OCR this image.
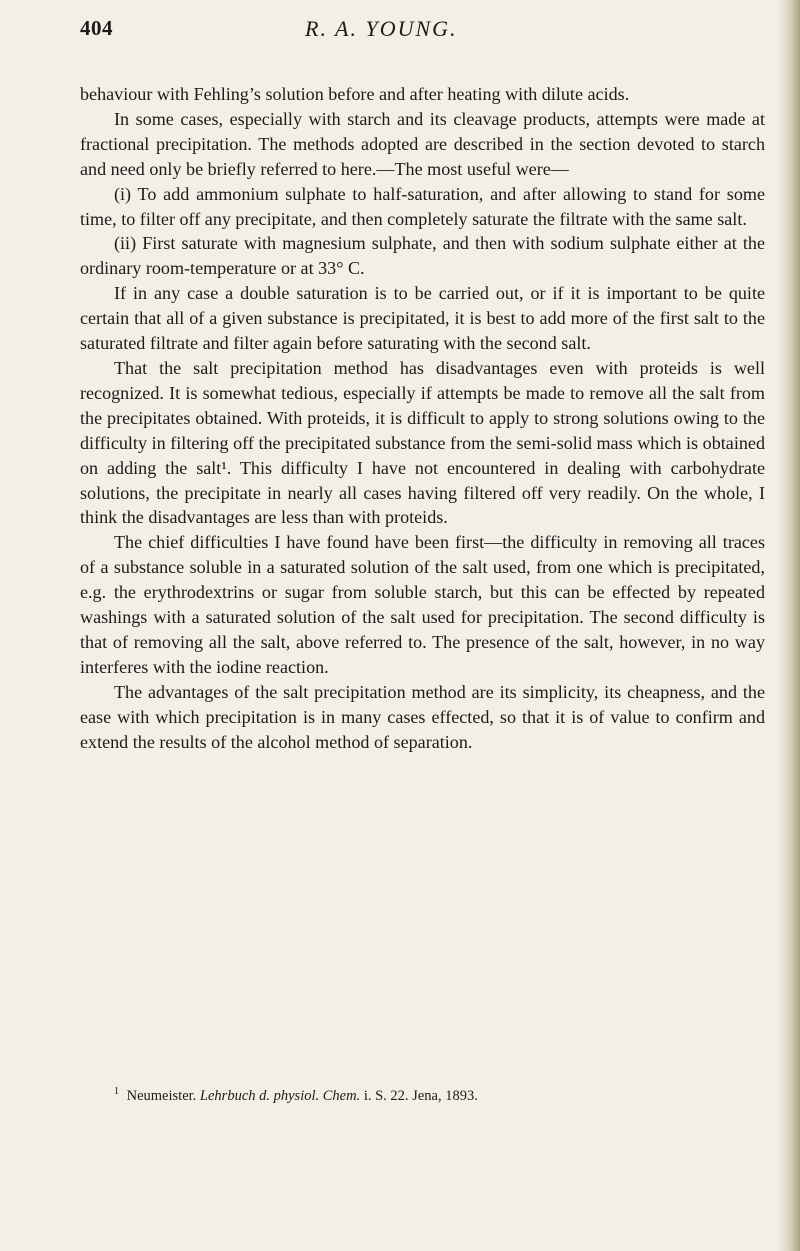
404	R. A. YOUNG.

behaviour with Fehling’s solution before and after heating with dilute acids.

In some cases, especially with starch and its cleavage products, attempts were made at fractional precipitation. The methods adopted are described in the section devoted to starch and need only be briefly referred to here.—The most useful were—

(i) To add ammonium sulphate to half-saturation, and after allowing to stand for some time, to filter off any precipitate, and then completely saturate the filtrate with the same salt.

(ii) First saturate with magnesium sulphate, and then with sodium sulphate either at the ordinary room-temperature or at 33° C.

If in any case a double saturation is to be carried out, or if it is important to be quite certain that all of a given substance is precipitated, it is best to add more of the first salt to the saturated filtrate and filter again before saturating with the second salt.

That the salt precipitation method has disadvantages even with proteids is well recognized. It is somewhat tedious, especially if attempts be made to remove all the salt from the precipitates obtained. With proteids, it is difficult to apply to strong solutions owing to the difficulty in filtering off the precipitated substance from the semi-solid mass which is obtained on adding the salt¹. This difficulty I have not encountered in dealing with carbohydrate solutions, the precipitate in nearly all cases having filtered off very readily. On the whole, I think the disadvantages are less than with proteids.

The chief difficulties I have found have been first—the difficulty in removing all traces of a substance soluble in a saturated solution of the salt used, from one which is precipitated, e.g. the erythrodextrins or sugar from soluble starch, but this can be effected by repeated washings with a saturated solution of the salt used for precipitation. The second difficulty is that of removing all the salt, above referred to. The presence of the salt, however, in no way interferes with the iodine reaction.

The advantages of the salt precipitation method are its simplicity, its cheapness, and the ease with which precipitation is in many cases effected, so that it is of value to confirm and extend the results of the alcohol method of separation.

$^1$ Neumeister. Lehrbuch d. physiol. Chem. i. S. 22. Jena, 1893.
